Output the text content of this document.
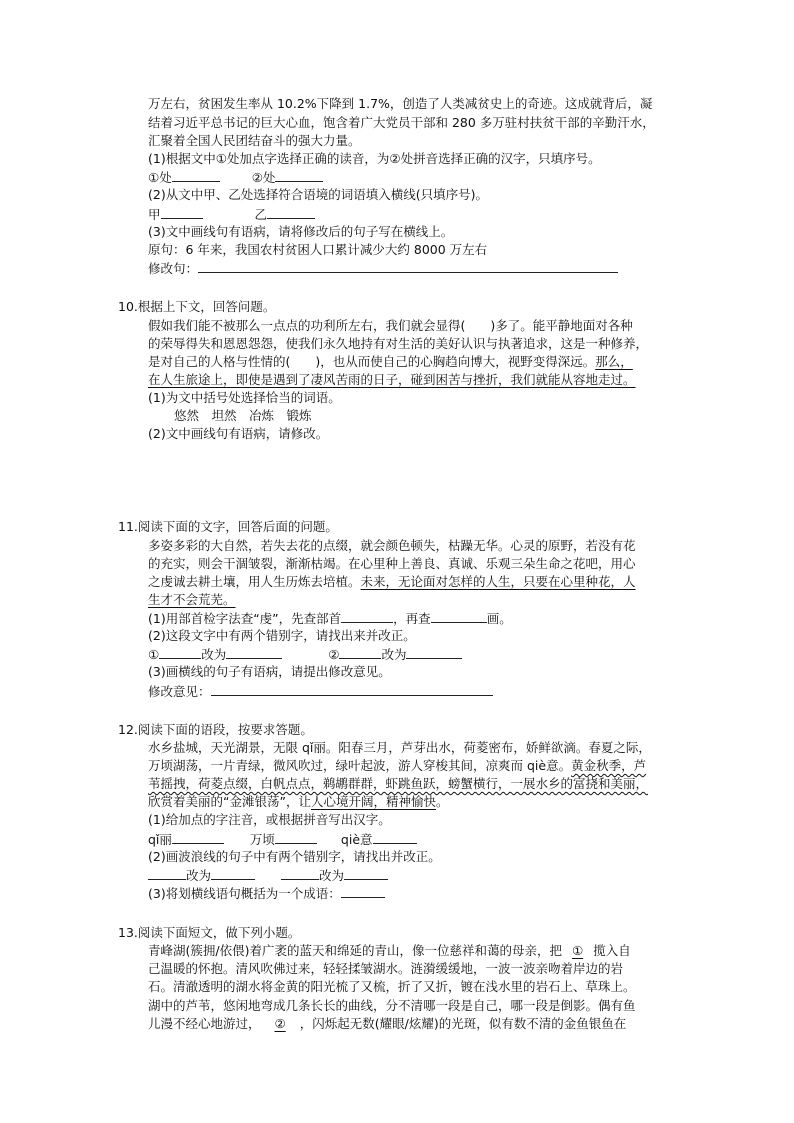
万左右，贫困发生率从 10.2%下降到 1.7%，创造了人类减贫史上的奇迹。这成就背后，凝
结着习近平总书记的巨大心血，饱含着广大党员干部和 280 多万驻村扶贫干部的辛勤汗水，
汇聚着全国人民团结奋斗的强大力量。
(1)根据文中①处加点字选择正确的读音，为②处拼音选择正确的汉字，只填序号。
①处	②处
(2)从文中甲、乙处选择符合语境的词语填入横线(只填序号)。
甲	乙
(3)文中画线句有语病，请将修改后的句子写在横线上。
原句：6 年来，我国农村贫困人口累计减少大约 8000 万左右
修改句：
10.根据上下文，回答问题。
假如我们能不被那么一点点的功利所左右，我们就会显得(　　)多了。能平静地面对各种
的荣辱得失和恩恩怨怨，使我们永久地持有对生活的美好认识与执著追求，这是一种修养，
是对自己的人格与性情的(　　)，也从而使自己的心胸趋向博大，视野变得深远。那么，
在人生旅途上，即使是遇到了凄风苦雨的日子，碰到困苦与挫折，我们就能从容地走过。
(1)为文中括号处选择恰当的词语。
悠然　坦然　冶炼　锻炼
(2)文中画线句有语病，请修改。
11.阅读下面的文字，回答后面的问题。
多姿多彩的大自然，若失去花的点缀，就会颜色顿失，枯躁无华。心灵的原野，若没有花
的充实，则会干涸皱裂，渐渐枯竭。在心里种上善良、真诚、乐观三朵生命之花吧，用心
之虔诚去耕土壤，用人生历炼去培植。未来，无论面对怎样的人生，只要在心里种花，人
生才不会荒芜。
(1)用部首检字法查“虔”，先查部首	，再查	画。
(2)这段文字中有两个错别字，请找出来并改正。
①	改为	②	改为
(3)画横线的句子有语病，请提出修改意见。
修改意见：
12.阅读下面的语段，按要求答题。
水乡盐城，天光湖景，无限 qǐ丽。阳春三月，芦芽出水，荷菱密布，娇鲜欲滴。春夏之际，
万顷湖荡，一片青绿，微风吹过，绿叶起波，游人穿梭其间，凉爽而 qiè意。黄金秋季，芦
苇摇拽，荷菱点缀，白帆点点，鹈鹕群群，虾跳鱼跃，螃蟹横行，一展水乡的富挠和美丽，
欣赏着美丽的“金滩银荡”，让人心境开阔，精神愉快。
(1)给加点的字注音，或根据拼音写出汉字。
qǐ丽	万顷	qiè意
(2)画波浪线的句子中有两个错别字，请找出并改正。
改为	改为
(3)将划横线语句概括为一个成语：
13.阅读下面短文，做下列小题。
青峰湖(簇拥/依偎)着广袤的蓝天和绵延的青山，像一位慈祥和蔼的母亲，把 ① 揽入自
己温暖的怀抱。清风吹佛过来，轻轻揉皱湖水。涟漪缓缓地，一波一波亲吻着岸边的岩
石。清澈透明的湖水将金黄的阳光梳了又梳，折了又折，镀在浅水里的岩石上、草珠上。
湖中的芦苇，悠闲地弯成几条长长的曲线，分不清哪一段是自己，哪一段是倒影。偶有鱼
儿漫不经心地游过， ② ，闪烁起无数(耀眼/炫耀)的光斑，似有数不清的金鱼银鱼在
